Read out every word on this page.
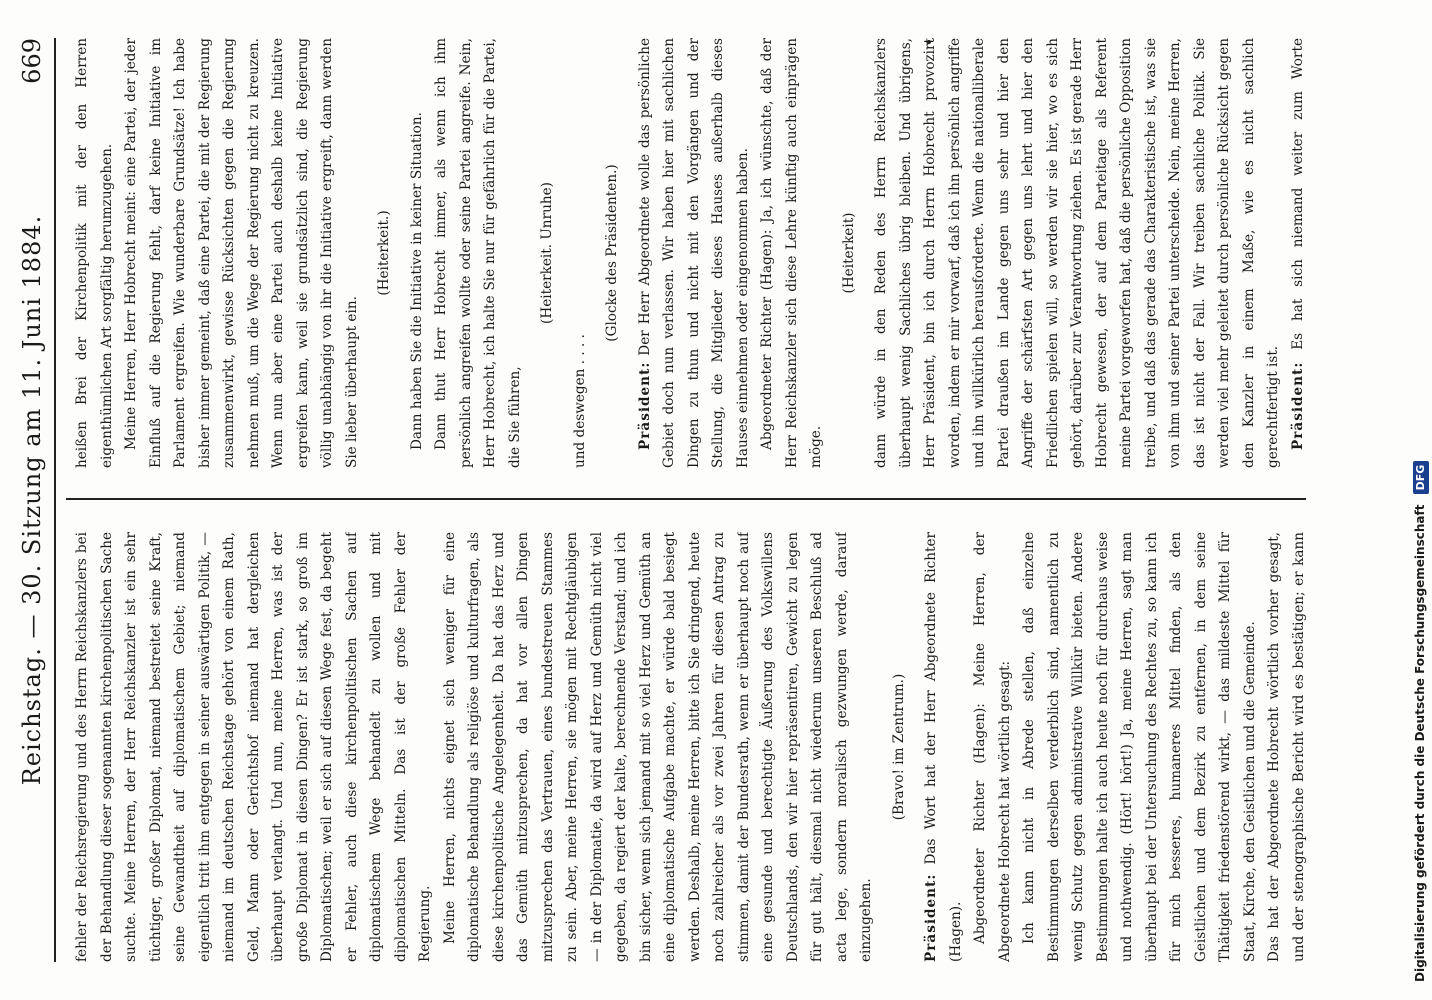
Reichstag. — 30. Sitzung am 11. Juni 1884.
669

fehler der Reichsregierung und des Herrn Reichskanzlers bei der Behandlung dieser sogenannten kirchenpolitischen Sache suchte. Meine Herren, der Herr Reichskanzler ist ein sehr tüchtiger, großer Diplomat, niemand bestreitet seine Kraft, seine Gewandtheit auf diplomatischem Gebiet; niemand eigentlich tritt ihm entgegen in seiner auswärtigen Politik, — niemand im deutschen Reichstage gehört von einem Rath, Geld, Mann oder Gerichtshof niemand hat dergleichen überhaupt verlangt. Und nun, meine Herren, was ist der große Diplomat in diesen Dingen? Er ist stark, so groß im Diplomatischen; weil er sich auf diesen Wege fest, da begeht er Fehler, auch diese kirchenpolitischen Sachen auf diplomatischem Wege behandelt zu wollen und mit diplomatischen Mitteln. Das ist der große Fehler der Regierung. Meine Herren, nichts eignet sich weniger für eine diplomatische Behandlung als religiöse und kulturfragen, als diese kirchenpolitische Angelegenheit. Da hat das Herz und das Gemüth mitzusprechen, da hat vor allen Dingen mitzusprechen das Vertrauen, eines bundestreuen Stammes zu sein. Aber, meine Herren, sie mögen mit Rechtgläubigen — in der Diplomatie, da wird auf Herz und Gemüth nicht viel gegeben, da regiert der kalte, berechnende Verstand; und ich bin sicher, wenn sich jemand mit so viel Herz und Gemüth an eine diplomatische Aufgabe machte, er würde bald besiegt werden. Deshalb, meine Herren, bitte ich Sie dringend, heute noch zahlreicher als vor zwei Jahren für diesen Antrag zu stimmen, damit der Bundesrath, wenn er überhaupt noch auf eine gesunde und berechtigte Äußerung des Volkswillens Deutschlands, den wir hier repräsentiren, Gewicht zu legen für gut hält, diesmal nicht wiederum unseren Beschluß ad acta lege, sondern moralisch gezwungen werde, darauf einzugehen.

(Bravo! im Zentrum.)

Präsident: Das Wort hat der Herr Abgeordnete Richter (Hagen). Abgeordneter Richter (Hagen): Meine Herren, der Abgeordnete Hobrecht hat wörtlich gesagt: Ich kann nicht in Abrede stellen, daß einzelne Bestimmungen derselben verderblich sind, namentlich zu wenig Schutz gegen administrative Willkür bieten. Andere Bestimmungen halte ich auch heute noch für durchaus weise und nothwendig. (Hört! hört!) Ja, meine Herren, sagt man überhaupt bei der Untersuchung des Rechtes zu, so kann ich für mich besseres, humaneres Mittel finden, als den Geistlichen und dem Bezirk zu entfernen, in dem seine Thätigkeit friedenstörend wirkt, — das mildeste Mittel für Staat, Kirche, den Geistlichen und die Gemeinde. Das hat der Abgeordnete Hobrecht wörtlich vorher gesagt, und der stenographische Bericht wird es bestätigen; er kann

heißen Brei der Kirchenpolitik mit der den Herren eigenthümlichen Art sorgfältig herumzugehen. Meine Herren, Herr Hobrecht meint: eine Partei, der jeder Einfluß auf die Regierung fehlt, darf keine Initiative im Parlament ergreifen. Wie wunderbare Grundsätze! Ich habe bisher immer gemeint, daß eine Partei, die mit der Regierung zusammenwirkt, gewisse Rücksichten gegen die Regierung nehmen muß, um die Wege der Regierung nicht zu kreuzen. Wenn nun aber eine Partei auch deshalb keine Initiative ergreifen kann, weil sie grundsätzlich sind, die Regierung völlig unabhängig von ihr die Initiative ergreift, dann werden Sie lieber überhaupt ein.

(Heiterkeit.)	Dann haben Sie die Initiative in keiner Situation. Dann thut Herr Hobrecht immer, als wenn ich ihm persönlich angreifen wollte oder seine Partei angreife. Nein, Herr Hobrecht, ich halte Sie nur für gefährlich für die Partei, die Sie führen,

(Heiterkeit. Unruhe)

und deswegen . . . .

(Glocke des Präsidenten.)

Präsident: Der Herr Abgeordnete wolle das persönliche Gebiet doch nun verlassen. Wir haben hier mit sachlichen Dingen zu thun und nicht mit den Vorgängen und der Stellung, die Mitglieder dieses Hauses außerhalb dieses Hauses einnehmen oder eingenommen haben. Abgeordneter Richter (Hagen): Ja, ich wünschte, daß der Herr Reichskanzler sich diese Lehre künftig auch einprägen möge.

(Heiterkeit)	dann würde in den Reden des Herrn Reichskanzlers überhaupt wenig Sachliches übrig bleiben. Und übrigens, Herr Präsident, bin ich durch Herrn Hobrecht provozirt worden, indem er mir vorwarf, daß ich ihn persönlich angriffe und ihn willkürlich herausforderte. Wenn die nationalliberale Partei draußen im Lande gegen uns sehr und hier den Angriffe der schärfsten Art gegen uns lehrt und hier den Friedlichen spielen will, so werden wir sie hier, wo es sich gehört, darüber zur Verantwortung ziehen. Es ist gerade Herr Hobrecht gewesen, der auf dem Parteitage als Referent meine Partei vorgeworfen hat, daß die persönliche Opposition treibe, und daß das gerade das Charakteristische ist, was sie von ihm und seiner Partei unterscheide. Nein, meine Herren, das ist nicht der Fall. Wir treiben sachliche Politik. Sie werden viel mehr geleitet durch persönliche Rücksicht gegen den Kanzler in einem Maße, wie es nicht sachlich gerechtfertigt ist. Präsident: Es hat sich niemand weiter zum Worte

Digitalisierung gefördert durch die Deutsche Forschungsgemeinschaft DFG
